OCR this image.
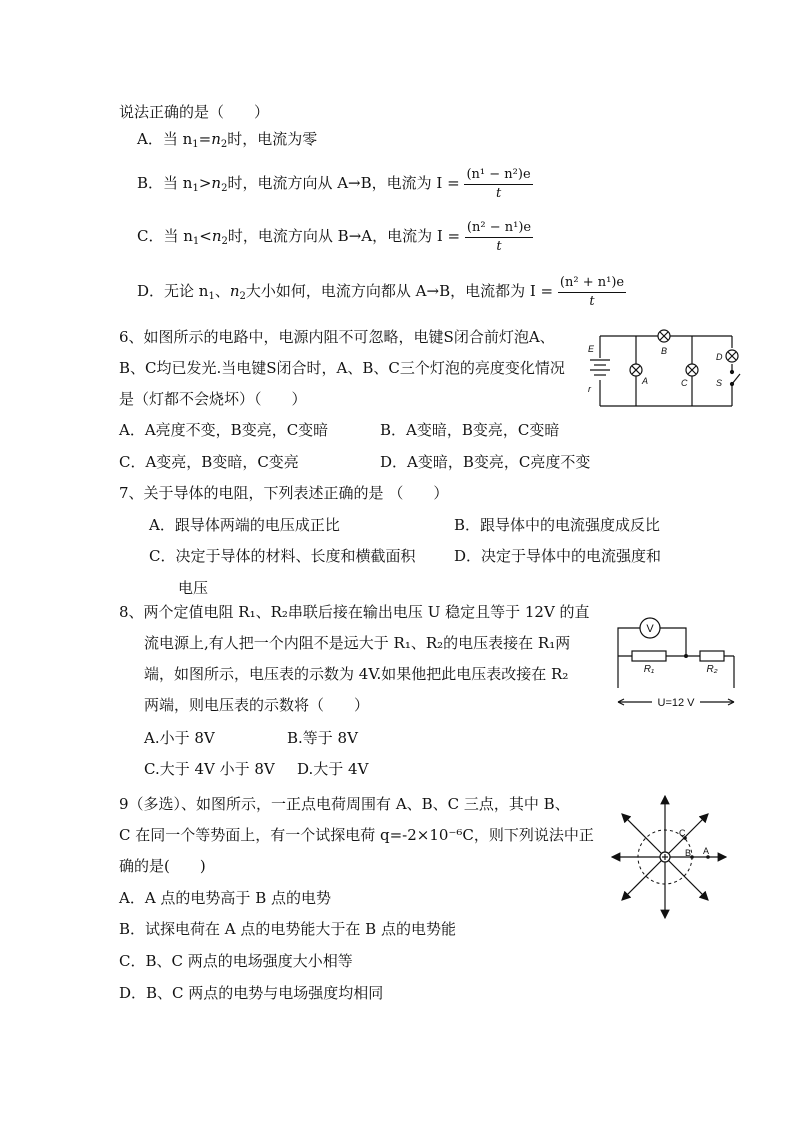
说法正确的是（　　）
A．当 $n_1=n_2$时，电流为零
B．当 $n_1>n_2$时，电流方向从 A→B，电流为 $I = \frac{\text{(n¹ − n²)e}}{t}$
C．当 $n_1<n_2$时，电流方向从 B→A，电流为 $I = \frac{\text{(n² − n¹)e}}{t}$
D．无论 $n_1$、$n_2$大小如何，电流方向都从 A→B，电流都为 $I = \frac{\text{(n² + n¹)e}}{t}$
6、如图所示的电路中，电源内阻不可忽略，电键S闭合前灯泡A、
B、C均已发光.当电键S闭合时，A、B、C三个灯泡的亮度变化情况
是（灯都不会烧坏）（　　）
A．A亮度不变，B变亮，C变暗	B．A变暗，B变亮，C变暗
C．A变亮，B变暗，C变亮	D．A变暗，B变亮，C亮度不变
E
r
A
B
C
D
S
7、关于导体的电阻，下列表述正确的是 （　　）
A．跟导体两端的电压成正比	B．跟导体中的电流强度成反比
C．决定于导体的材料、长度和横截面积	D．决定于导体中的电流强度和
电压
8、两个定值电阻 R₁、R₂串联后接在输出电压 U 稳定且等于 12V 的直
流电源上,有人把一个内阻不是远大于 R₁、R₂的电压表接在 R₁两
端，如图所示，电压表的示数为 4V.如果他把此电压表改接在 R₂
两端，则电压表的示数将（　　）
A.小于 8V	B.等于 8V
C.大于 4V 小于 8V D.大于 4V
V
R₁	R₂
U=12 V
9（多选）、如图所示，一正点电荷周围有 A、B、C 三点，其中 B、
C 在同一个等势面上，有一个试探电荷 q=-2×10⁻⁶C，则下列说法中正
确的是(　　)
A．A 点的电势高于 B 点的电势
B．试探电荷在 A 点的电势能大于在 B 点的电势能
C．B、C 两点的电场强度大小相等
D．B、C 两点的电势与电场强度均相同
C
B A
